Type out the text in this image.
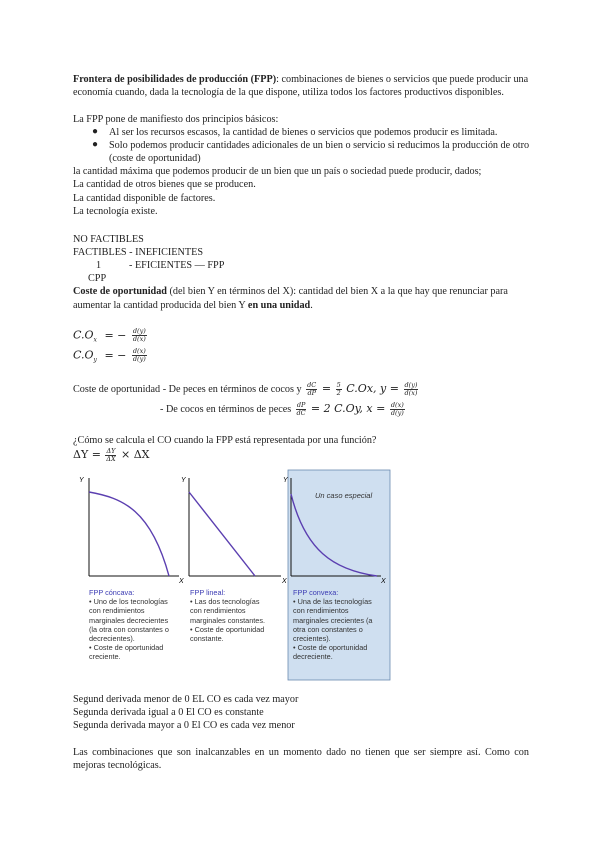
Frontera de posibilidades de producción (FPP): combinaciones de bienes o servicios que puede producir una
economía cuando, dada la tecnología de la que dispone, utiliza todos los factores productivos disponibles.
La FPP pone de manifiesto dos principios básicos:
● Al ser los recursos escasos, la cantidad de bienes o servicios que podemos producir es limitada.
● Solo podemos producir cantidades adicionales de un bien o servicio si reducimos la producción de otro
(coste de oportunidad)
la cantidad máxima que podemos producir de un bien que un país o sociedad puede producir, dados;
La cantidad de otros bienes que se producen.
La cantidad disponible de factores.
La tecnología existe.
NO FACTIBLES
FACTIBLES - INEFICIENTES
1	- EFICIENTES — FPP
CPP
Coste de oportunidad (del bien Y en términos del X): cantidad del bien X a la que hay que renunciar para
aumentar la cantidad producida del bien Y en una unidad.
$C.O_x$ = − $\frac{d(y)}{d(x)}$
$C.O_y$ = − $\frac{d(x)}{d(y)}$
Coste de oportunidad - De peces en términos de cocos y $\frac{dC}{dP} = \frac{5}{2} C.Ox$, $y = \frac{d(y)}{d(x)}$
- De cocos en términos de peces $\frac{dP}{dC} = 2$ C.Oy, $x = \frac{d(x)}{d(y)}$
¿Cómo se calcula el CO cuando la FPP está representada por una función?
$\Delta Y = \frac{\Delta Y}{\Delta X} \times \Delta X$
Y
X
Y
X
Y
X
Un caso especial
FPP cóncava:
• Uno de los tecnologías
con rendimientos
marginales decrecientes
(la otra con constantes o
decrecientes).
• Coste de oportunidad
creciente.
FPP lineal:
• Las dos tecnologías
con rendimientos
marginales constantes.
• Coste de oportunidad
constante.
FPP convexa:
• Una de las tecnologías
con rendimientos
marginales crecientes (a
otra con constantes o
crecientes).
• Coste de oportunidad
decreciente.
Segund derivada menor de 0 EL CO es cada vez mayor
Segunda derivada igual a 0 El CO es constante
Segunda derivada mayor a 0 El CO es cada vez menor
Las combinaciones que son inalcanzables en un momento dado no tienen que ser siempre así. Como con mejoras tecnológicas.
